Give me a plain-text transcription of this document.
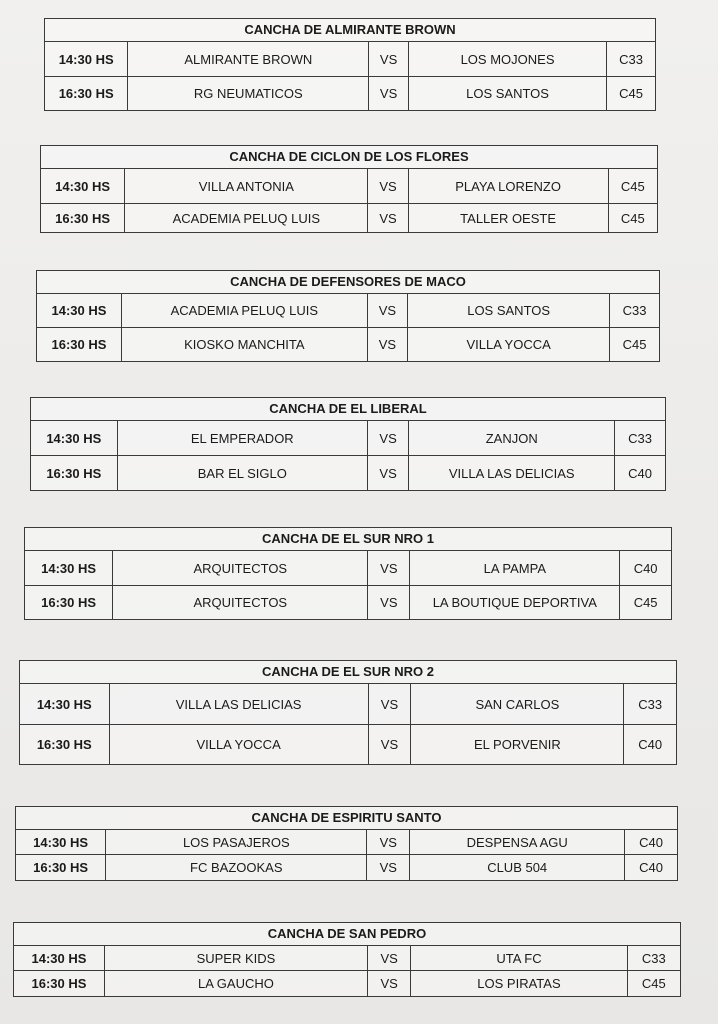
CANCHA DE ALMIRANTE BROWN
14:30 HS	ALMIRANTE BROWN	VS	LOS MOJONES	C33
16:30 HS	RG NEUMATICOS	VS	LOS SANTOS	C45
CANCHA DE CICLON DE LOS FLORES
14:30 HS	VILLA ANTONIA	VS	PLAYA LORENZO	C45
16:30 HS	ACADEMIA PELUQ LUIS	VS	TALLER OESTE	C45
CANCHA DE DEFENSORES DE MACO
14:30 HS	ACADEMIA PELUQ LUIS	VS	LOS SANTOS	C33
16:30 HS	KIOSKO MANCHITA	VS	VILLA YOCCA	C45
CANCHA DE EL LIBERAL
14:30 HS	EL EMPERADOR	VS	ZANJON	C33
16:30 HS	BAR EL SIGLO	VS	VILLA LAS DELICIAS	C40
CANCHA DE EL SUR NRO 1
14:30 HS	ARQUITECTOS	VS	LA PAMPA	C40
16:30 HS	ARQUITECTOS	VS	LA BOUTIQUE DEPORTIVA	C45
CANCHA DE EL SUR NRO 2
14:30 HS	VILLA LAS DELICIAS	VS	SAN CARLOS	C33
16:30 HS	VILLA YOCCA	VS	EL PORVENIR	C40
CANCHA DE ESPIRITU SANTO
14:30 HS	LOS PASAJEROS	VS	DESPENSA AGU	C40
16:30 HS	FC BAZOOKAS	VS	CLUB 504	C40
CANCHA DE SAN PEDRO
14:30 HS	SUPER KIDS	VS	UTA FC	C33
16:30 HS	LA GAUCHO	VS	LOS PIRATAS	C45
